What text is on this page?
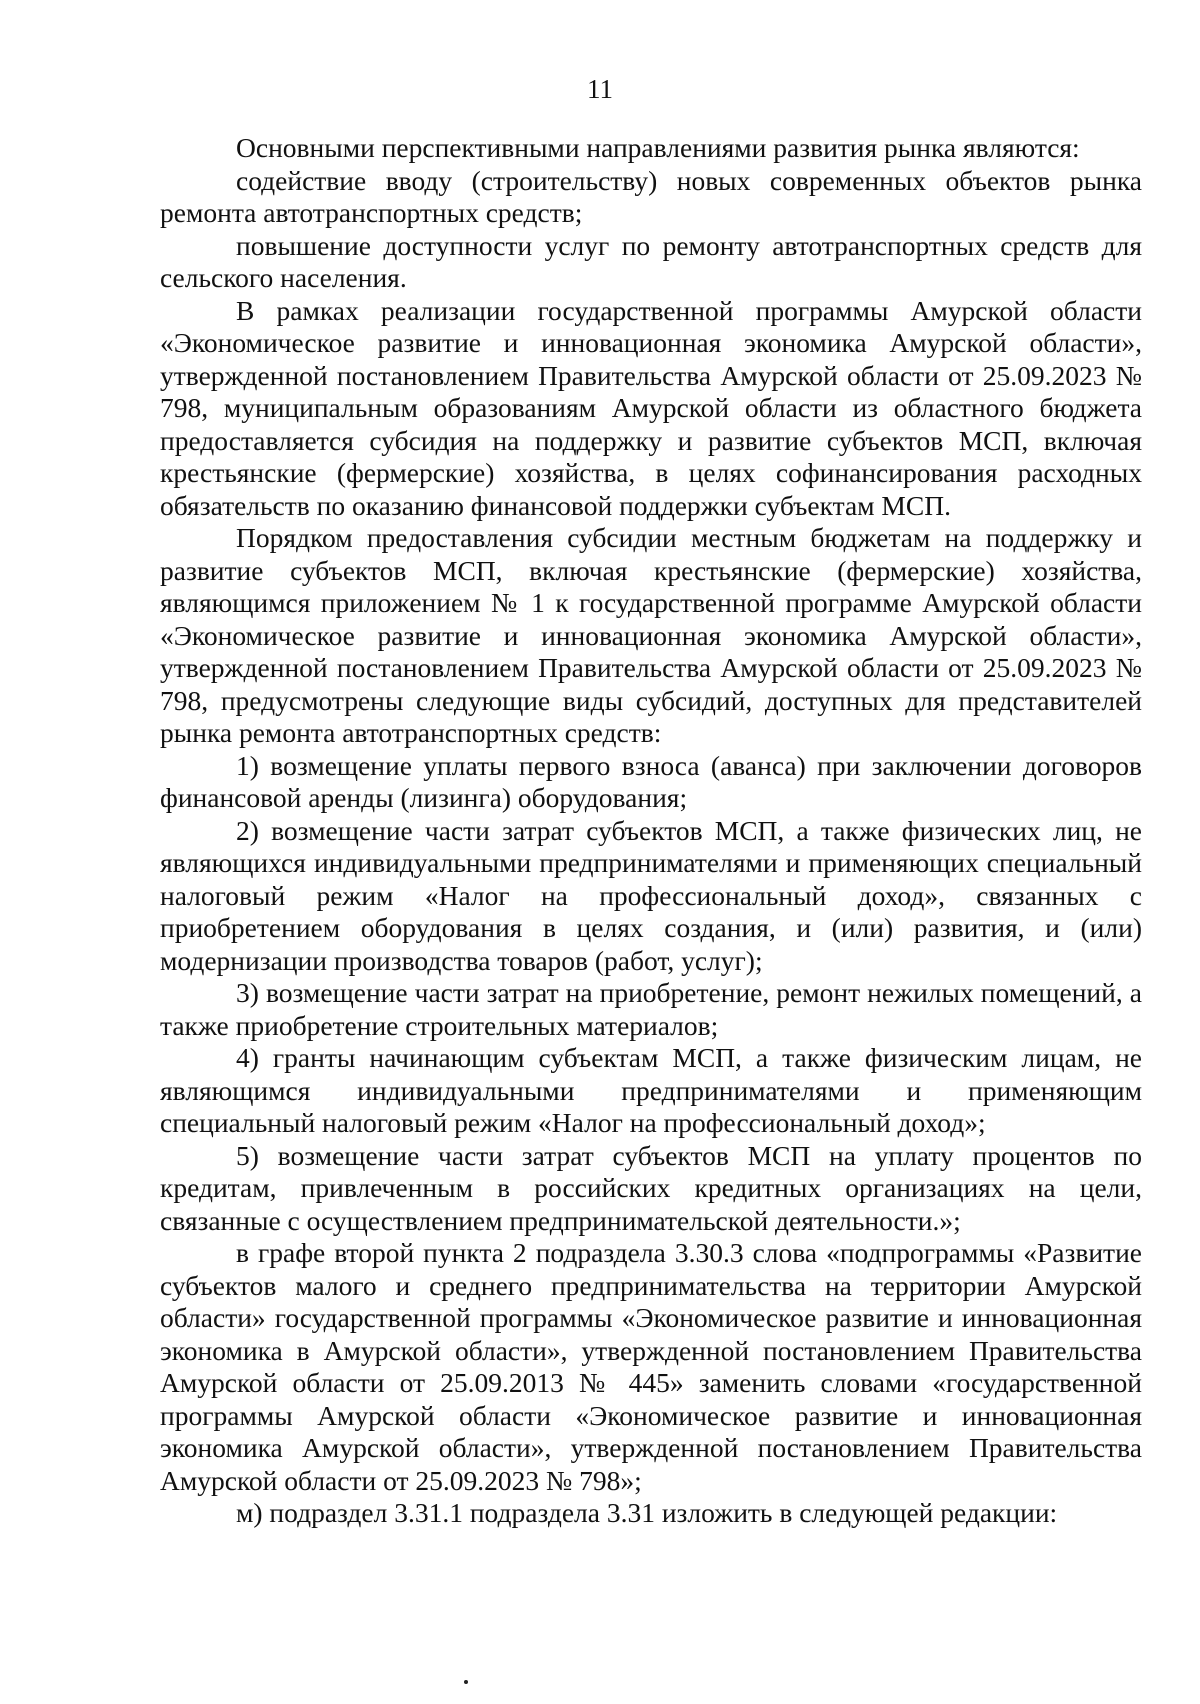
11

Основными перспективными направлениями развития рынка являются:

содействие вводу (строительству) новых современных объектов рынка ремонта автотранспортных средств;

повышение доступности услуг по ремонту автотранспортных средств для сельского населения.

В рамках реализации государственной программы Амурской области «Экономическое развитие и инновационная экономика Амурской области», утвержденной постановлением Правительства Амурской области от 25.09.2023 № 798, муниципальным образованиям Амурской области из областного бюджета предоставляется субсидия на поддержку и развитие субъектов МСП, включая крестьянские (фермерские) хозяйства, в целях софинансирования расходных обязательств по оказанию финансовой поддержки субъектам МСП.

Порядком предоставления субсидии местным бюджетам на поддержку и развитие субъектов МСП, включая крестьянские (фермерские) хозяйства, являющимся приложением № 1 к государственной программе Амурской области «Экономическое развитие и инновационная экономика Амурской области», утвержденной постановлением Правительства Амурской области от 25.09.2023 № 798, предусмотрены следующие виды субсидий, доступных для представителей рынка ремонта автотранспортных средств:

1) возмещение уплаты первого взноса (аванса) при заключении договоров финансовой аренды (лизинга) оборудования;

2) возмещение части затрат субъектов МСП, а также физических лиц, не являющихся индивидуальными предпринимателями и применяющих специальный налоговый режим «Налог на профессиональный доход», связанных с приобретением оборудования в целях создания, и (или) развития, и (или) модернизации производства товаров (работ, услуг);

3) возмещение части затрат на приобретение, ремонт нежилых помещений, а также приобретение строительных материалов;

4) гранты начинающим субъектам МСП, а также физическим лицам, не являющимся индивидуальными предпринимателями и применяющим специальный налоговый режим «Налог на профессиональный доход»;

5) возмещение части затрат субъектов МСП на уплату процентов по кредитам, привлеченным в российских кредитных организациях на цели, связанные с осуществлением предпринимательской деятельности.»;

в графе второй пункта 2 подраздела 3.30.3 слова «подпрограммы «Развитие субъектов малого и среднего предпринимательства на территории Амурской области» государственной программы «Экономическое развитие и инновационная экономика в Амурской области», утвержденной постановлением Правительства Амурской области от 25.09.2013 № 445» заменить словами «государственной программы Амурской области «Экономическое развитие и инновационная экономика Амурской области», утвержденной постановлением Правительства Амурской области от 25.09.2023 № 798»;

м) подраздел 3.31.1 подраздела 3.31 изложить в следующей редакции:
